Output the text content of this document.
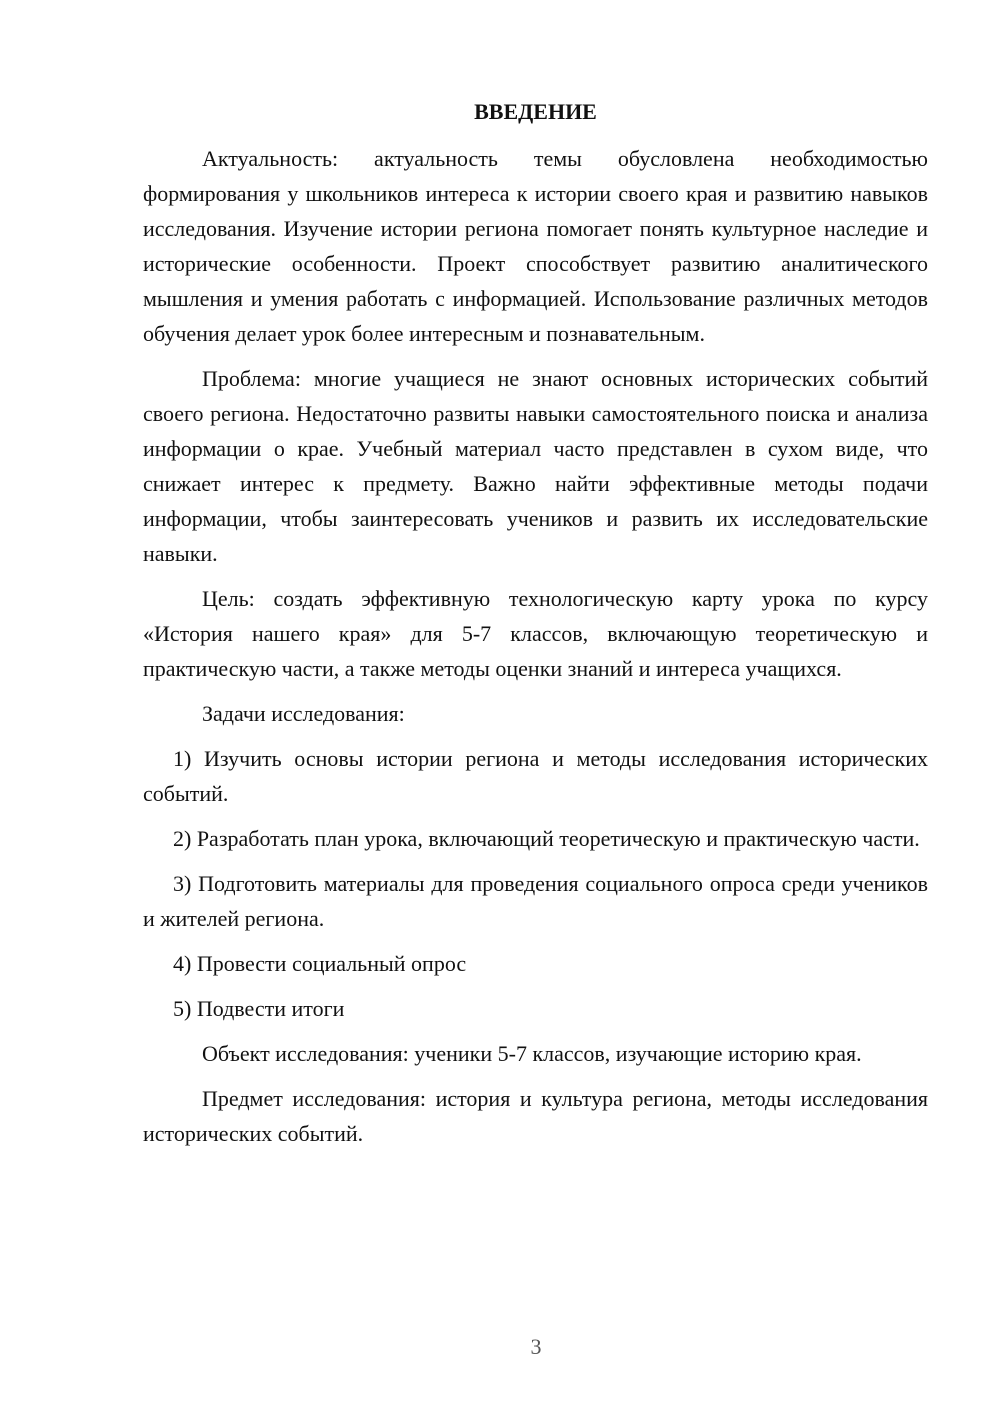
ВВЕДЕНИЕ

Актуальность: актуальность темы обусловлена необходимостью формирования у школьников интереса к истории своего края и развитию навыков исследования. Изучение истории региона помогает понять культурное наследие и исторические особенности. Проект способствует развитию аналитического мышления и умения работать с информацией. Использование различных методов обучения делает урок более интересным и познавательным.

Проблема: многие учащиеся не знают основных исторических событий своего региона. Недостаточно развиты навыки самостоятельного поиска и анализа информации о крае. Учебный материал часто представлен в сухом виде, что снижает интерес к предмету. Важно найти эффективные методы подачи информации, чтобы заинтересовать учеников и развить их исследовательские навыки.

Цель: создать эффективную технологическую карту урока по курсу «История нашего края» для 5-7 классов, включающую теоретическую и практическую части, а также методы оценки знаний и интереса учащихся.

Задачи исследования:

1) Изучить основы истории региона и методы исследования исторических событий.

2) Разработать план урока, включающий теоретическую и практическую части.

3) Подготовить материалы для проведения социального опроса среди учеников и жителей региона.

4) Провести социальный опрос

5) Подвести итоги

Объект исследования: ученики 5-7 классов, изучающие историю края.

Предмет исследования: история и культура региона, методы исследования исторических событий.

3
